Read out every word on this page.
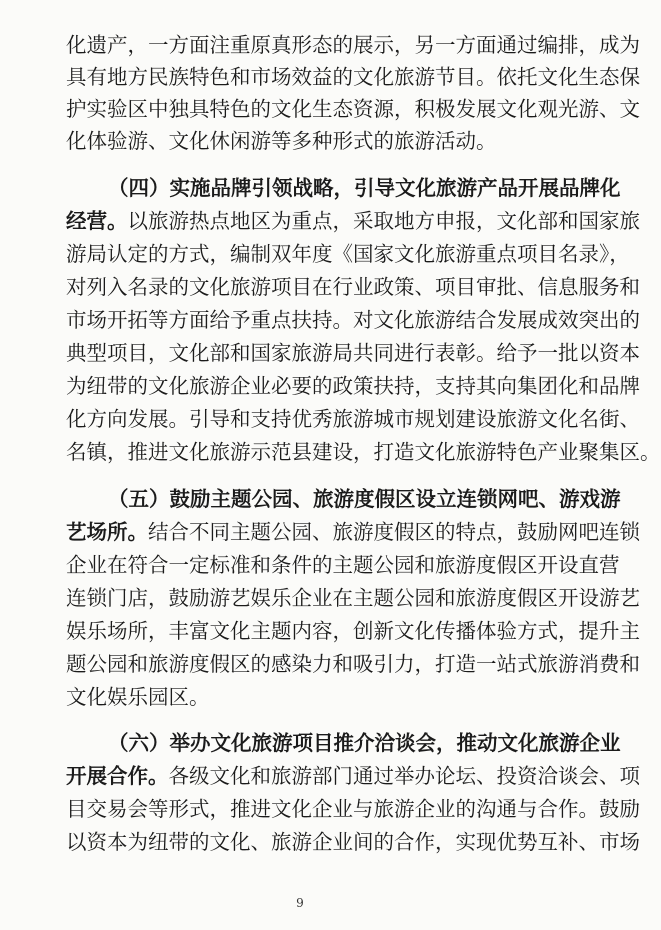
化遗产，一方面注重原真形态的展示，另一方面通过编排，成为
具有地方民族特色和市场效益的文化旅游节目。依托文化生态保
护实验区中独具特色的文化生态资源，积极发展文化观光游、文
化体验游、文化休闲游等多种形式的旅游活动。
（四）实施品牌引领战略，引导文化旅游产品开展品牌化
经营。以旅游热点地区为重点，采取地方申报，文化部和国家旅
游局认定的方式，编制双年度《国家文化旅游重点项目名录》，
对列入名录的文化旅游项目在行业政策、项目审批、信息服务和
市场开拓等方面给予重点扶持。对文化旅游结合发展成效突出的
典型项目，文化部和国家旅游局共同进行表彰。给予一批以资本
为纽带的文化旅游企业必要的政策扶持，支持其向集团化和品牌
化方向发展。引导和支持优秀旅游城市规划建设旅游文化名街、
名镇，推进文化旅游示范县建设，打造文化旅游特色产业聚集区。
（五）鼓励主题公园、旅游度假区设立连锁网吧、游戏游
艺场所。结合不同主题公园、旅游度假区的特点，鼓励网吧连锁
企业在符合一定标准和条件的主题公园和旅游度假区开设直营
连锁门店，鼓励游艺娱乐企业在主题公园和旅游度假区开设游艺
娱乐场所，丰富文化主题内容，创新文化传播体验方式，提升主
题公园和旅游度假区的感染力和吸引力，打造一站式旅游消费和
文化娱乐园区。
（六）举办文化旅游项目推介洽谈会，推动文化旅游企业
开展合作。各级文化和旅游部门通过举办论坛、投资洽谈会、项
目交易会等形式，推进文化企业与旅游企业的沟通与合作。鼓励
以资本为纽带的文化、旅游企业间的合作，实现优势互补、市场
9
